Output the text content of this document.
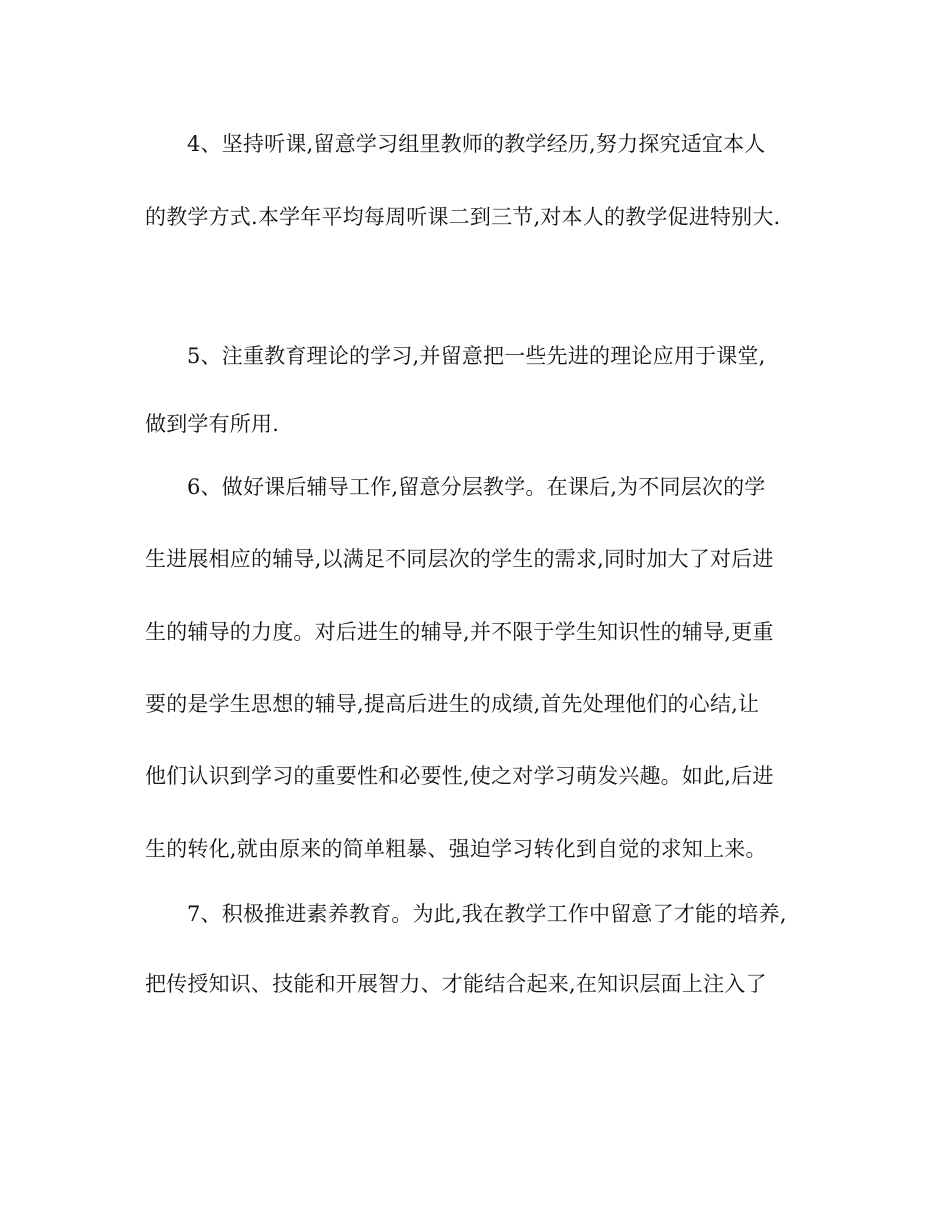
4、坚持听课,留意学习组里教师的教学经历,努力探究适宜本人

的教学方式.本学年平均每周听课二到三节,对本人的教学促进特别大.

5、注重教育理论的学习,并留意把一些先进的理论应用于课堂,

做到学有所用.

6、做好课后辅导工作,留意分层教学。在课后,为不同层次的学

生进展相应的辅导,以满足不同层次的学生的需求,同时加大了对后进

生的辅导的力度。对后进生的辅导,并不限于学生知识性的辅导,更重

要的是学生思想的辅导,提高后进生的成绩,首先处理他们的心结,让

他们认识到学习的重要性和必要性,使之对学习萌发兴趣。如此,后进

生的转化,就由原来的简单粗暴、强迫学习转化到自觉的求知上来。

7、积极推进素养教育。为此,我在教学工作中留意了才能的培养,

把传授知识、技能和开展智力、才能结合起来,在知识层面上注入了
